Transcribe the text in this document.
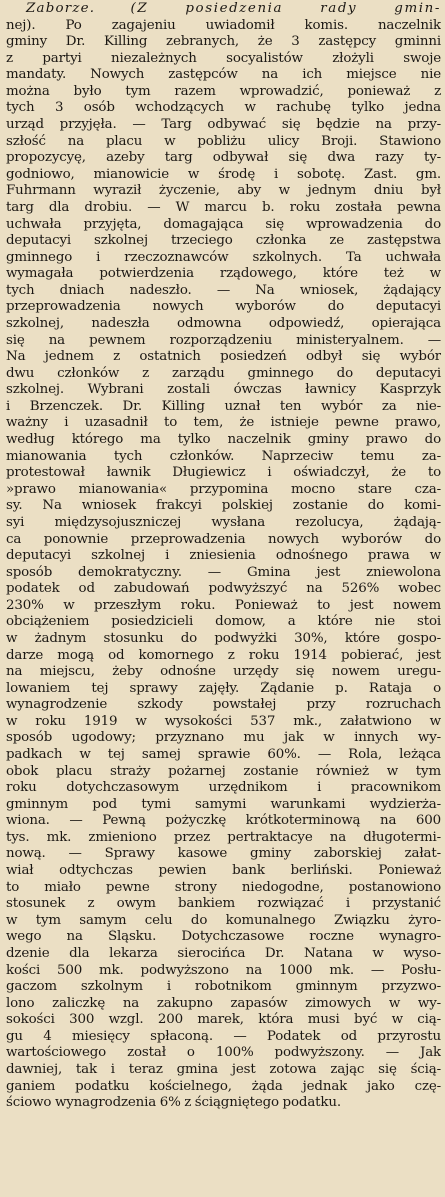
Zaborze.	(Z posiedzenia rady gmin-
nej). Po zagajeniu uwiadomił komis. naczelnik
gminy Dr. Killing zebranych, że 3 zastępcy gminni
z partyi niezależnych socyalistów złożyli swoje
mandaty. Nowych zastępców na ich miejsce nie
można było tym razem wprowadzić, ponieważ z
tych 3 osób wchodzących w rachubę tylko jedna
urząd przyjęła. — Targ odbywać się będzie na przy-
szłość na placu w pobliżu ulicy Broji. Stawiono
propozycyę, azeby targ odbywał się dwa razy ty-
godniowo, mianowicie w środę i sobotę. Zast. gm.
Fuhrmann wyraził życzenie, aby w jednym dniu był
targ dla drobiu. — W marcu b. roku została pewna
uchwała przyjęta, domagająca się wprowadzenia do
deputacyi szkolnej trzeciego członka ze zastępstwa
gminnego i rzeczoznawców szkolnych. Ta uchwała
wymagała potwierdzenia rządowego, które też w
tych dniach nadeszło. — Na wniosek, żądający
przeprowadzenia nowych wyborów do deputacyi
szkolnej, nadeszła odmowna odpowiedź, opierająca
się na pewnem rozporządzeniu ministeryalnem. —
Na jednem z ostatnich posiedzeń odbył się wybór
dwu członków z zarządu gminnego do deputacyi
szkolnej. Wybrani zostali ówczas ławnicy Kasprzyk
i Brzenczek. Dr. Killing uznał ten wybór za nie-
ważny i uzasadnił to tem, że istnieje pewne prawo,
według którego ma tylko naczelnik gminy prawo do
mianowania tych członków. Naprzeciw temu za-
protestował ławnik Długiewicz i oświadczył, że to
»prawo mianowania« przypomina mocno stare cza-
sy. Na wniosek frakcyi polskiej zostanie do komi-
syi międzysojuszniczej wysłana rezolucya, żądają-
ca ponownie przeprowadzenia nowych wyborów do
deputacyi szkolnej i zniesienia odnośnego prawa w
sposób demokratyczny. — Gmina jest zniewolona
podatek od zabudowań podwyższyć na 526% wobec
230% w przeszłym roku. Ponieważ to jest nowem
obciążeniem posiedzicieli domow, a które nie stoi
w żadnym stosunku do podwyżki 30%, które gospo-
darze mogą od komornego z roku 1914 pobierać, jest
na miejscu, żeby odnośne urzędy się nowem uregu-
lowaniem tej sprawy zajęły. Żądanie p. Rataja o
wynagrodzenie szkody powstałej przy rozruchach
w roku 1919 w wysokości 537 mk., załatwiono w
sposób ugodowy; przyznano mu jak w innych wy-
padkach w tej samej sprawie 60%. — Rola, leżąca
obok placu straży pożarnej zostanie również w tym
roku dotychczasowym urzędnikom i pracownikom
gminnym pod tymi samymi warunkami wydzierża-
wiona. — Pewną pożyczkę krótkoterminową na 600
tys. mk. zmieniono przez pertraktacye na długotermi-
nową. — Sprawy kasowe gminy zaborskiej załat-
wiał odtychczas pewien bank berliński. Ponieważ
to miało pewne strony niedogodne, postanowiono
stosunek z owym bankiem rozwiązać i przystanić
w tym samym celu do komunalnego Związku żyro-
wego na Śląsku. Dotychczasowe roczne wynagro-
dzenie dla lekarza sierocińca Dr. Natana w wyso-
kości 500 mk. podwyższono na 1000 mk. — Posłu-
gaczom szkolnym i robotnikom gminnym przyzwo-
lono zaliczkę na zakupno zapasów zimowych w wy-
sokości 300 wzgl. 200 marek, która musi być w cią-
gu 4 miesięcy spłaconą. — Podatek od przyrostu
wartościowego został o 100% podwyższony. — Jak
dawniej, tak i teraz gmina jest zotowa zając się ścią-
ganiem podatku kościelnego, żąda jednak jako czę-
ściowo wynagrodzenia 6% z ściągniętego podatku.
